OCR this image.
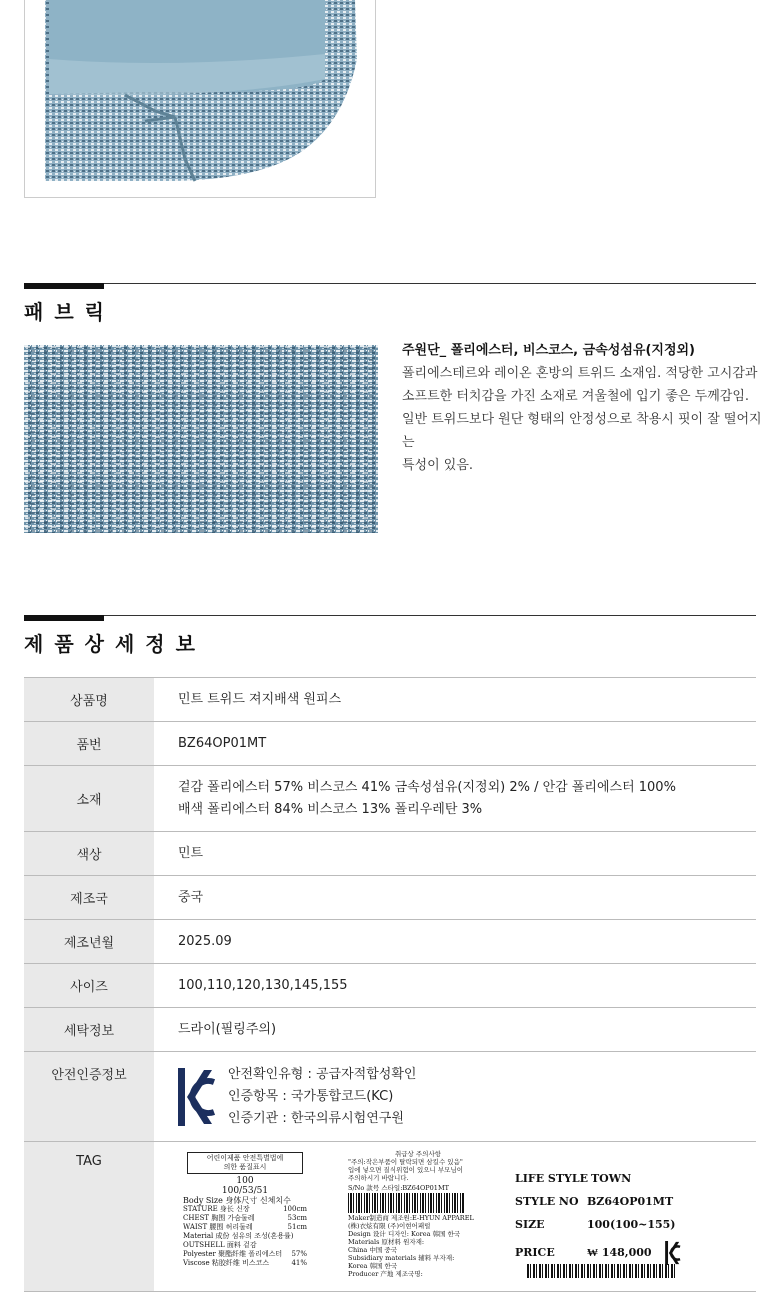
패브릭
주원단_ 폴리에스터, 비스코스, 금속성섬유(지정외)
폴리에스테르와 레이온 혼방의 트위드 소재임. 적당한 고시감과
소프트한 터치감을 가진 소재로 겨울철에 입기 좋은 두께감임.
일반 트위드보다 원단 형태의 안정성으로 착용시 핏이 잘 떨어지는
특성이 있음.
제품상세정보
상품명	민트 트위드 져지배색 원피스
품번	BZ64OP01MT
소재	겉감 폴리에스터 57% 비스코스 41% 금속성섬유(지정외) 2% / 안감 폴리에스터 100%
배색 폴리에스터 84% 비스코스 13% 폴리우레탄 3%

색상	민트
제조국	중국
제조년월	2025.09
사이즈	100,110,120,130,145,155
세탁정보	드라이(필링주의)
안전인증정보	안전확인유형 : 공급자적합성확인
인증항목 : 국가통합코드(KC)
인증기관 : 한국의류시험연구원

TAG		어린이제품 안전특별법에
의한 품질표시
100
100/53/51
Body Size 身体尺寸 신체치수
STATURE 身长 신장	100cm
CHEST 胸围 가슴둘레	53cm
WAIST 腰围 허리둘레	51cm
Material 成份 섬유의 조성(혼용률)
OUTSHELL 面料 겉감
Polyester 聚酯纤维 폴리에스터 57%
Viscose 粘胶纤维 비스코스	41%
취급상 주의사항
"주의:작은부품이 탈락되면 삼킬수 있음"
입에 넣으면 질식위험이 있으니 부모님이
주의하시기 바랍니다.
S/No 款号 스타일:BZ64OP01MT
Maker制造商 제조원:E-HYUN APPAREL
(株)衣炫有限 (주)이현어패럴
Design 设计 디자인: Korea 韩国 한국
Materials 原材料 원자재:
China 中国 중국
Subsidiary materials 辅料 부자재:
Korea 韩国 한국
Producer 产地 제조국명:
LIFE STYLE TOWN
STYLE NO BZ64OP01MT
SIZE	100(100~155)
PRICE	₩ 148,000
